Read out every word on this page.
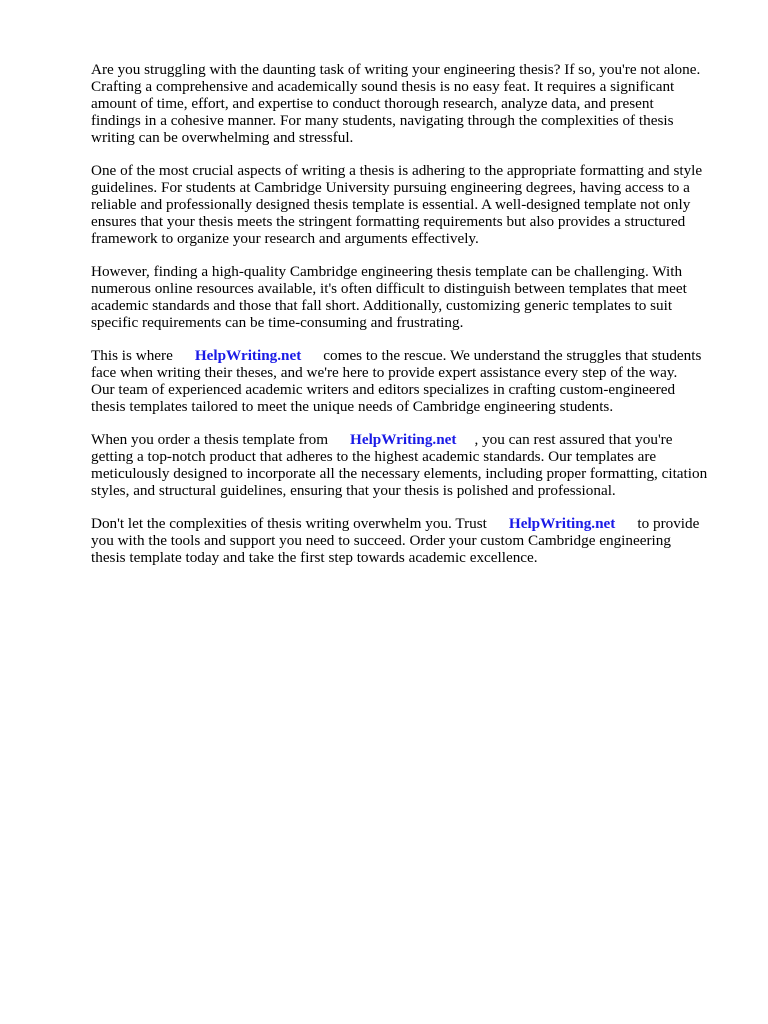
Are you struggling with the daunting task of writing your engineering thesis? If so, you're not alone.
Crafting a comprehensive and academically sound thesis is no easy feat. It requires a significant
amount of time, effort, and expertise to conduct thorough research, analyze data, and present
findings in a cohesive manner. For many students, navigating through the complexities of thesis
writing can be overwhelming and stressful.

One of the most crucial aspects of writing a thesis is adhering to the appropriate formatting and style
guidelines. For students at Cambridge University pursuing engineering degrees, having access to a
reliable and professionally designed thesis template is essential. A well-designed template not only
ensures that your thesis meets the stringent formatting requirements but also provides a structured
framework to organize your research and arguments effectively.

However, finding a high-quality Cambridge engineering thesis template can be challenging. With
numerous online resources available, it's often difficult to distinguish between templates that meet
academic standards and those that fall short. Additionally, customizing generic templates to suit
specific requirements can be time-consuming and frustrating.

This is where HelpWriting.net comes to the rescue. We understand the struggles that students
face when writing their theses, and we're here to provide expert assistance every step of the way.
Our team of experienced academic writers and editors specializes in crafting custom-engineered
thesis templates tailored to meet the unique needs of Cambridge engineering students.

When you order a thesis template from HelpWriting.net , you can rest assured that you're
getting a top-notch product that adheres to the highest academic standards. Our templates are
meticulously designed to incorporate all the necessary elements, including proper formatting, citation
styles, and structural guidelines, ensuring that your thesis is polished and professional.

Don't let the complexities of thesis writing overwhelm you. Trust HelpWriting.net to provide
you with the tools and support you need to succeed. Order your custom Cambridge engineering
thesis template today and take the first step towards academic excellence.
